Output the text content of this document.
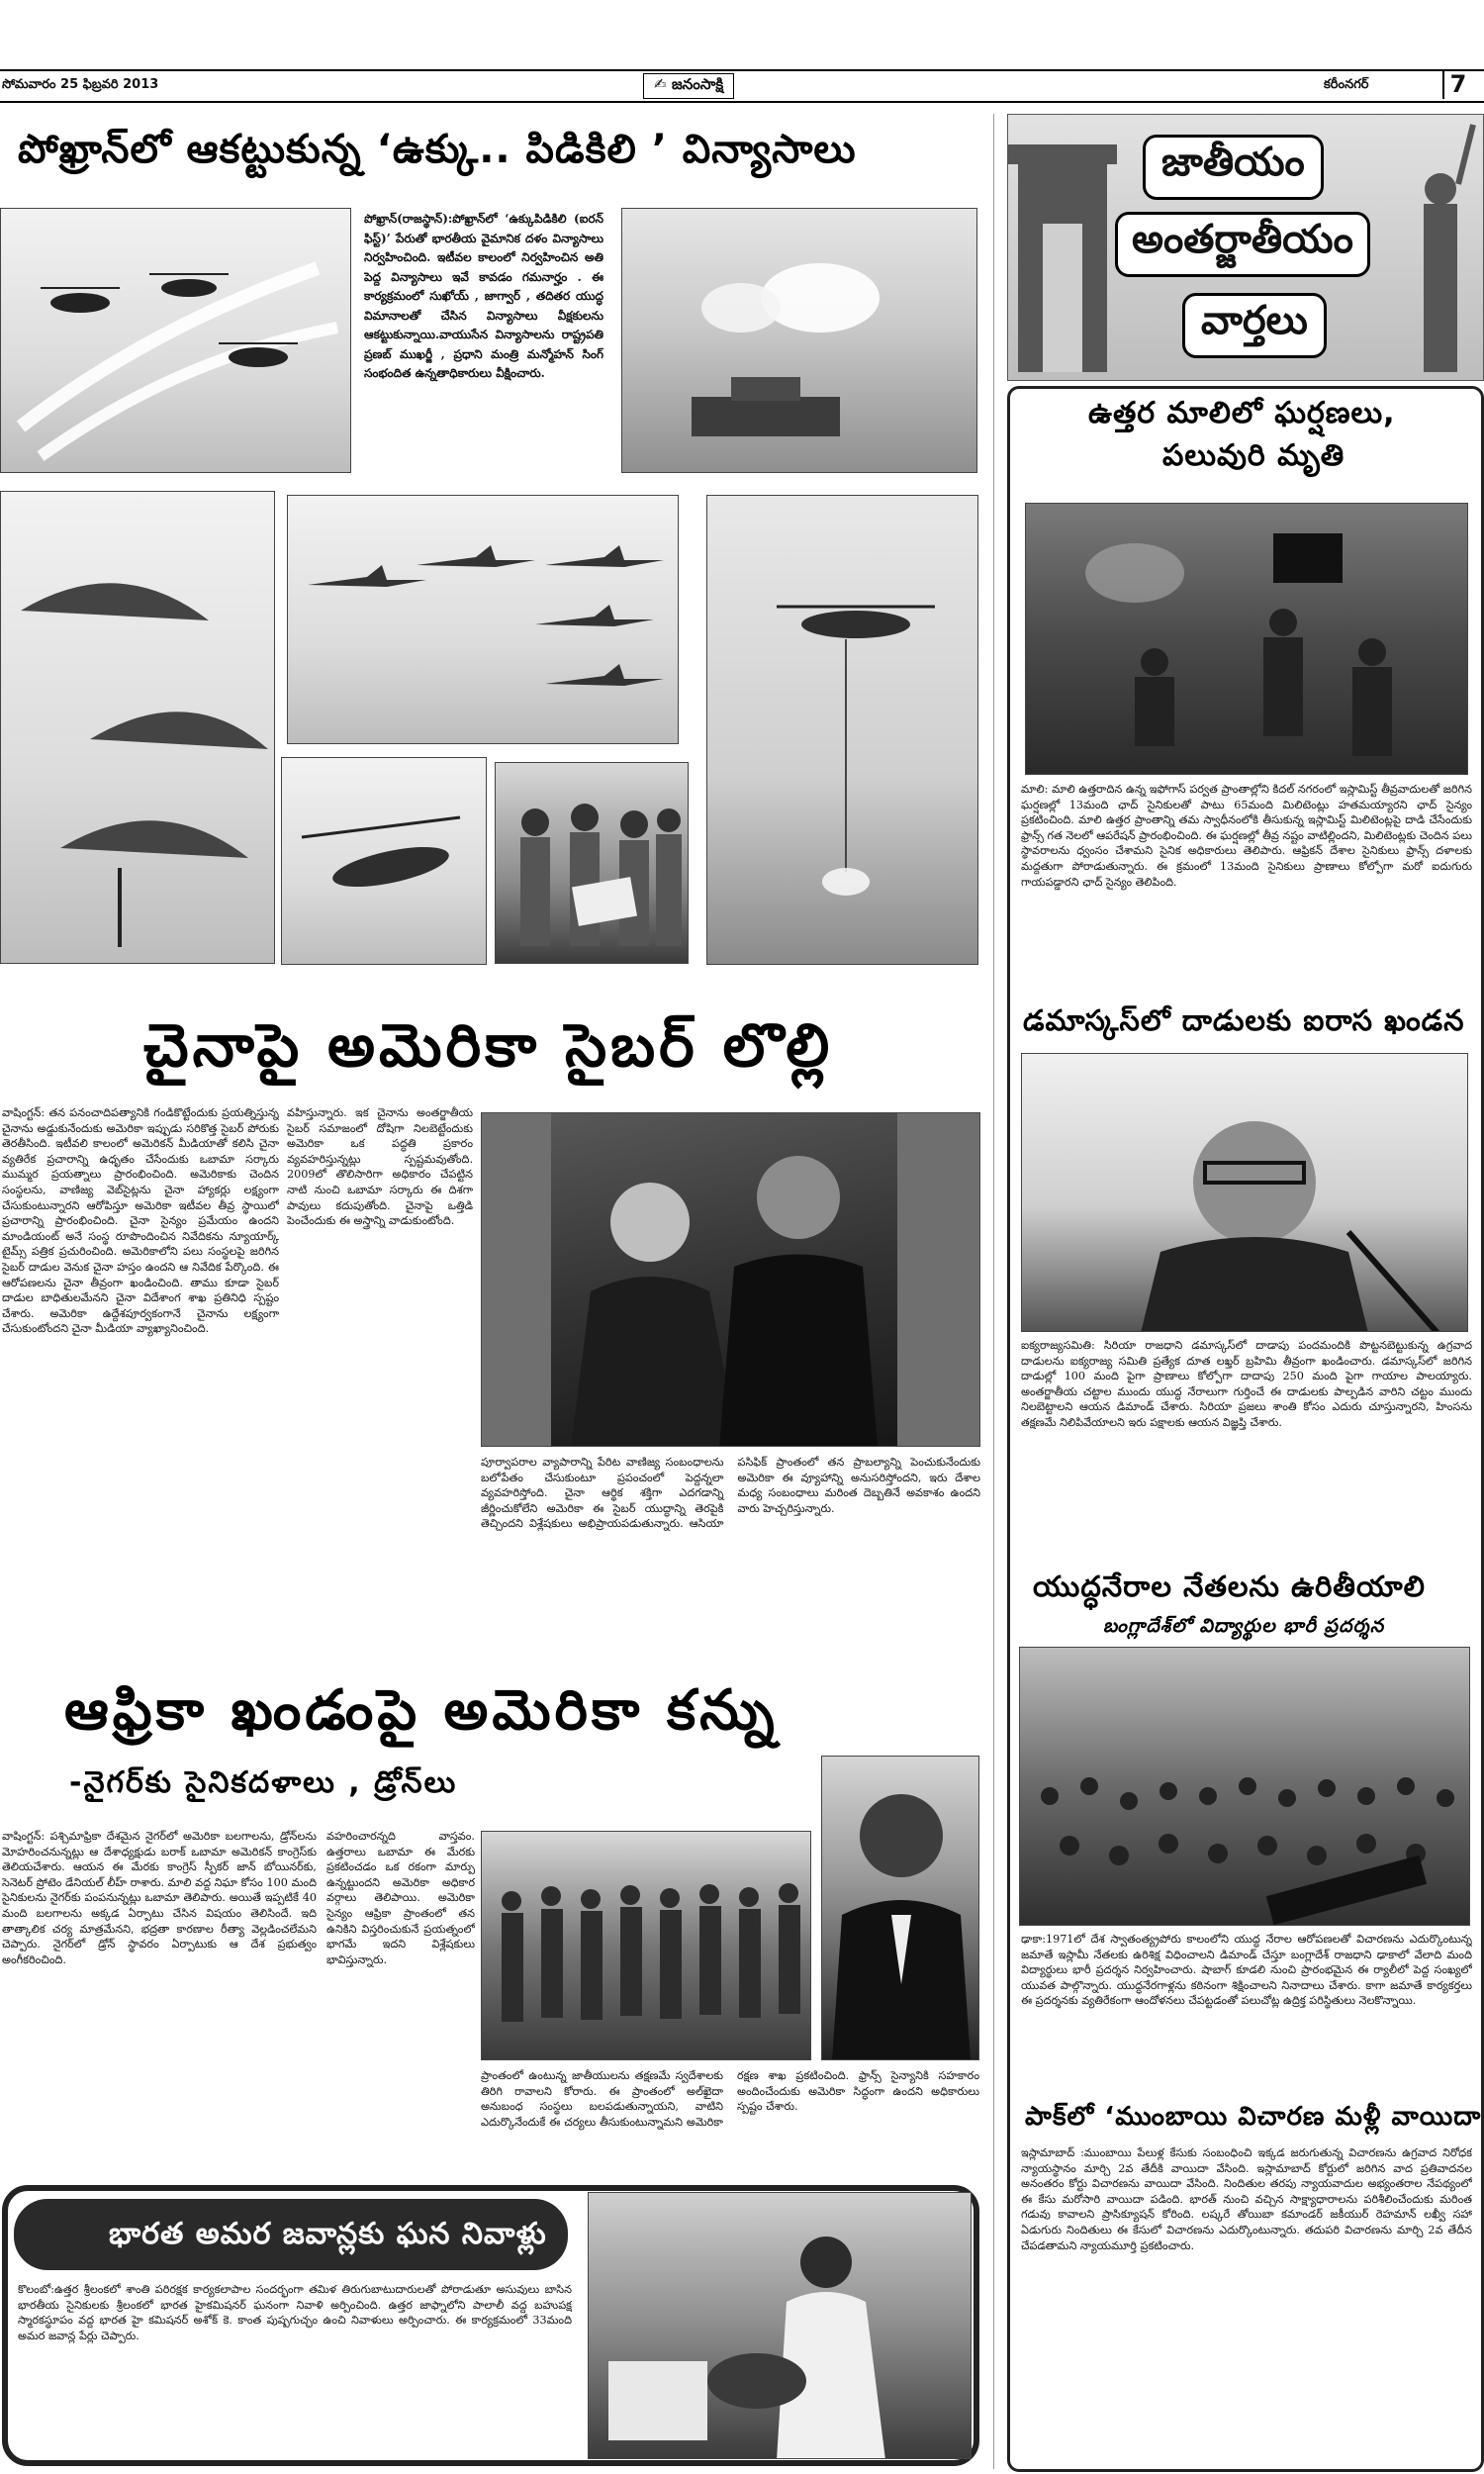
సోమవారం 25 ఫిబ్రవరి 2013	✍ జనంసాక్షి	కరీంనగర్	7
పోఖ్రాన్‌లో ఆకట్టుకున్న ‘ఉక్కు.. పిడికిలి ’ విన్యాసాలు
పోఖ్రాన్‌(రాజస్థాన్‌):పోఖ్రాన్‌లో ‘ఉక్కుపిడికిలి (ఐరన్‌ ఫిస్ట్‌)’ పేరుతో భారతీయ వైమానిక దళం విన్యాసాలు నిర్వహించింది. ఇటీవల కాలంలో నిర్వహించిన అతి పెద్ద విన్యాసాలు ఇవే కావడం గమనార్హం . ఈ కార్యక్రమంలో సుఖోయ్‌ , జాగ్వార్‌ , తదితర యుద్ధ విమానాలతో చేసిన విన్యాసాలు వీక్షకులను ఆకట్టుకున్నాయి.వాయుసేన విన్యాసాలను రాష్ట్రపతి ప్రణబ్‌ ముఖర్జీ , ప్రధాని మంత్రి మన్మోహన్‌ సింగ్‌ సంభందిత ఉన్నతాధికారులు వీక్షించారు.
చైనాపై అమెరికా సైబర్‌ లొల్లి
వాషింగ్టన్‌: తన పనంచాదిపత్యానికి గండికొట్టేందుకు ప్రయత్నిస్తున్న చైనాను అడ్డుకునేందుకు అమెరికా ఇప్పుడు సరికొత్త సైబర్‌ పోరుకు తెరతీసింది. ఇటీవలి కాలంలో అమెరికన్‌ మీడియాతో కలిసి చైనా వ్యతిరేక ప్రచారాన్ని ఉధృతం చేసేందుకు ఒబామా సర్కారు ముమ్మర ప్రయత్నాలు ప్రారంభించింది. అమెరికాకు చెందిన సంస్థలను, వాణిజ్య వెబ్‌సైట్లను చైనా హ్యాకర్లు లక్ష్యంగా చేసుకుంటున్నారని ఆరోపిస్తూ అమెరికా ఇటీవల తీవ్ర స్థాయిలో ప్రచారాన్ని ప్రారంభించింది. చైనా సైన్యం ప్రమేయం ఉందని మాండియంట్‌ అనే సంస్థ రూపొందించిన నివేదికను న్యూయార్క్‌ టైమ్స్‌ పత్రిక ప్రచురించింది. అమెరికాలోని పలు సంస్థలపై జరిగిన సైబర్‌ దాడుల వెనుక చైనా హస్తం ఉందని ఆ నివేదిక పేర్కొంది. ఈ ఆరోపణలను చైనా తీవ్రంగా ఖండించింది. తాము కూడా సైబర్‌ దాడుల బాధితులమేనని చైనా విదేశాంగ శాఖ ప్రతినిధి స్పష్టం చేశారు. అమెరికా ఉద్దేశపూర్వకంగానే చైనాను లక్ష్యంగా చేసుకుంటోందని చైనా మీడియా వ్యాఖ్యానించింది.
వహిస్తున్నారు. ఇక చైనాను అంతర్జాతీయ సైబర్‌ సమాజంలో దోషిగా నిలబెట్టేందుకు అమెరికా ఒక పద్ధతి ప్రకారం వ్యవహరిస్తున్నట్లు స్పష్టమవుతోంది. 2009లో తొలిసారిగా అధికారం చేపట్టిన నాటి నుంచి ఒబామా సర్కారు ఈ దిశగా పావులు కదుపుతోంది. చైనాపై ఒత్తిడి పెంచేందుకు ఈ అస్త్రాన్ని వాడుకుంటోంది.
పూర్వాపరాల వ్యాపారాన్ని పేరిట వాణిజ్య సంబంధాలను బలోపేతం చేసుకుంటూ ప్రపంచంలో పెద్దన్నలా వ్యవహరిస్తోంది. చైనా ఆర్థిక శక్తిగా ఎదగడాన్ని జీర్ణించుకోలేని అమెరికా ఈ సైబర్‌ యుద్ధాన్ని తెరపైకి తెచ్చిందని విశ్లేషకులు అభిప్రాయపడుతున్నారు. ఆసియా పసిఫిక్‌ ప్రాంతంలో తన ప్రాబల్యాన్ని పెంచుకునేందుకు అమెరికా ఈ వ్యూహాన్ని అనుసరిస్తోందని, ఇరు దేశాల మధ్య సంబంధాలు మరింత దెబ్బతినే అవకాశం ఉందని వారు హెచ్చరిస్తున్నారు.
ఆఫ్రికా ఖండంపై అమెరికా కన్ను
-నైగర్‌కు సైనికదళాలు , డ్రోన్‌లు
వాషింగ్టన్‌: పశ్చిమాఫ్రికా దేశమైన నైగర్‌లో అమెరికా బలగాలను, డ్రోన్‌లను మోహరించనున్నట్లు ఆ దేశాధ్యక్షుడు బరాక్‌ ఒబామా అమెరికన్‌ కాంగ్రెస్‌కు తెలియచేశారు. ఆయన ఈ మేరకు కాంగ్రెస్‌ స్పీకర్‌ జాన్‌ బోయినర్‌కు, సెనెటర్‌ ప్రోటెం డేనియల్‌ లీహ్‌ రాశారు. మాలి వద్ద నిఘా కోసం 100 మంది సైనికులను నైగర్‌కు పంపనున్నట్లు ఒబామా తెలిపారు. అయితే ఇప్పటికే 40 మంది బలగాలను అక్కడ ఏర్పాటు చేసిన విషయం తెలిసిందే. ఇది తాత్కాలిక చర్య మాత్రమేనని, భద్రతా కారణాల రీత్యా వెల్లడించలేమని చెప్పారు. నైగర్‌లో డ్రోన్‌ స్థావరం ఏర్పాటుకు ఆ దేశ ప్రభుత్వం అంగీకరించింది.
వహరించారన్నది వాస్తవం. ఉత్తరాలు ఒబామా ఈ మేరకు ప్రకటించడం ఒక రకంగా మార్పు ఉన్నట్టుందని అమెరికా అధికార వర్గాలు తెలిపాయి. అమెరికా సైన్యం ఆఫ్రికా ప్రాంతంలో తన ఉనికిని విస్తరించుకునే ప్రయత్నంలో భాగమే ఇదని విశ్లేషకులు భావిస్తున్నారు.
ప్రాంతంలో ఉంటున్న జాతీయులను తక్షణమే స్వదేశాలకు తిరిగి రావాలని కోరారు. ఈ ప్రాంతంలో అల్‌ఖైదా అనుబంధ సంస్థలు బలపడుతున్నాయని, వాటిని ఎదుర్కొనేందుకే ఈ చర్యలు తీసుకుంటున్నామని అమెరికా రక్షణ శాఖ ప్రకటించింది. ఫ్రాన్స్‌ సైన్యానికి సహకారం అందించేందుకు అమెరికా సిద్ధంగా ఉందని అధికారులు స్పష్టం చేశారు.
భారత అమర జవాన్లకు ఘన నివాళ్లు
కొలంబో:ఉత్తర శ్రీలంకలో శాంతి పరిరక్షక కార్యకలాపాల సందర్భంగా తమిళ తిరుగుబాటుదారులతో పోరాడుతూ అసువులు బాసిన భారతీయ సైనికులకు శ్రీలంకలో భారత హైకమిషనర్‌ ఘనంగా నివాళి అర్పించింది. ఉత్తర జాఫ్నాలోని పాలాలీ వద్ద బహుపక్ష స్మారకస్థూపం వద్ద భారత హై కమిషనర్‌ అశోక్‌ కె. కాంత పుష్పగుచ్ఛం ఉంచి నివాళులు అర్పించారు. ఈ కార్యక్రమంలో 33మంది అమర జవాన్ల పేర్లు చెప్పారు.
జాతీయం
అంతర్జాతీయం
వార్తలు
ఉత్తర మాలిలో ఘర్షణలు,
పలువురి మృతి
మాలి: మాలి ఉత్తరాదిన ఉన్న ఇఫోగాస్‌ పర్వత ప్రాంతాల్లోని కిదల్‌ నగరంలో ఇస్లామిస్ట్‌ తీవ్రవాదులతో జరిగిన ఘర్షణల్లో 13మంది ఛాద్‌ సైనికులతో పాటు 65మంది మిలిటెంట్లు హతమయ్యారని ఛాద్‌ సైన్యం ప్రకటించింది. మాలి ఉత్తర ప్రాంతాన్ని తమ స్వాధీనంలోకి తీసుకున్న ఇస్లామిస్ట్‌ మిలిటెంట్లపై దాడి చేసేందుకు ఫ్రాన్స్‌ గత నెలలో ఆపరేషన్‌ ప్రారంభించింది. ఈ ఘర్షణల్లో తీవ్ర నష్టం వాటిల్లిందని, మిలిటెంట్లకు చెందిన పలు స్థావరాలను ధ్వంసం చేశామని సైనిక అధికారులు తెలిపారు. ఆఫ్రికన్‌ దేశాల సైనికులు ఫ్రాన్స్‌ దళాలకు మద్దతుగా పోరాడుతున్నారు. ఈ క్రమంలో 13మంది సైనికులు ప్రాణాలు కోల్పోగా మరో ఐదుగురు గాయపడ్డారని ఛాద్‌ సైన్యం తెలిపింది.
డమాస్కస్‌లో దాడులకు ఐరాస ఖండన
ఐక్యరాజ్యసమితి: సిరియా రాజధాని డమాస్కస్‌లో దాడాపు పందమందికి పొట్టనబెట్టుకున్న ఉగ్రవాద దాడులను ఐక్యరాజ్య సమితి ప్రత్యేక దూత లఖ్తర్‌ బ్రహిమి తీవ్రంగా ఖండించారు. డమాస్కస్‌లో జరిగిన దాడుల్లో 100 మంది పైగా ప్రాణాలు కోల్పోగా దాదాపు 250 మంది పైగా గాయాల పాలయ్యారు. అంతర్జాతీయ చట్టాల ముందు యుద్ధ నేరాలుగా గుర్తించే ఈ దాడులకు పాల్పడిన వారిని చట్టం ముందు నిలబెట్టాలని ఆయన డిమాండ్‌ చేశారు. సిరియా ప్రజలు శాంతి కోసం ఎదురు చూస్తున్నారని, హింసను తక్షణమే నిలిపివేయాలని ఇరు పక్షాలకు ఆయన విజ్ఞప్తి చేశారు.
యుద్ధనేరాల నేతలను ఉరితీయాలి
బంగ్లాదేశ్‌లో విద్యార్థుల భారీ ప్రదర్శన
ఢాకా:1971లో దేశ స్వాతంత్య్రపోరు కాలంలోని యుద్ధ నేరాల ఆరోపణలతో విచారణను ఎదుర్కొంటున్న జమాతే ఇస్లామీ నేతలకు ఉరిశిక్ష విధించాలని డిమాండ్‌ చేస్తూ బంగ్లాదేశ్‌ రాజధాని ఢాకాలో వేలాది మంది విద్యార్థులు భారీ ప్రదర్శన నిర్వహించారు. షాబాగ్‌ కూడలి నుంచి ప్రారంభమైన ఈ ర్యాలీలో పెద్ద సంఖ్యలో యువత పాల్గొన్నారు. యుద్ధనేరగాళ్లను కఠినంగా శిక్షించాలని నినాదాలు చేశారు. కాగా జమాతే కార్యకర్తలు ఈ ప్రదర్శనకు వ్యతిరేకంగా ఆందోళనలు చేపట్టడంతో పలుచోట్ల ఉద్రిక్త పరిస్థితులు నెలకొన్నాయి.
పాక్‌లో ‘ముంబాయి విచారణ మళ్లీ వాయిదా
ఇస్లామాబాద్‌ :ముంబాయి పేలుళ్ల కేసుకు సంబంధించి ఇక్కడ జరుగుతున్న విచారణను ఉగ్రవాద నిరోధక న్యాయస్థానం మార్చి 2వ తేదీకి వాయిదా వేసింది. ఇస్లామాబాద్‌ కోర్టులో జరిగిన వాద ప్రతివాదనల అనంతరం కోర్టు విచారణను వాయిదా వేసింది. నిందితుల తరపు న్యాయవాదుల అభ్యంతరాల నేపథ్యంలో ఈ కేసు మరోసారి వాయిదా పడింది. భారత్‌ నుంచి వచ్చిన సాక్ష్యాధారాలను పరిశీలించేందుకు మరింత గడువు కావాలని ప్రాసిక్యూషన్‌ కోరింది. లష్కరే తోయిబా కమాండర్‌ జకీయుర్‌ రెహమాన్‌ లఖ్వీ సహా ఏడుగురు నిందితులు ఈ కేసులో విచారణను ఎదుర్కొంటున్నారు. తదుపరి విచారణను మార్చి 2వ తేదీన చేపడతామని న్యాయమూర్తి ప్రకటించారు.
